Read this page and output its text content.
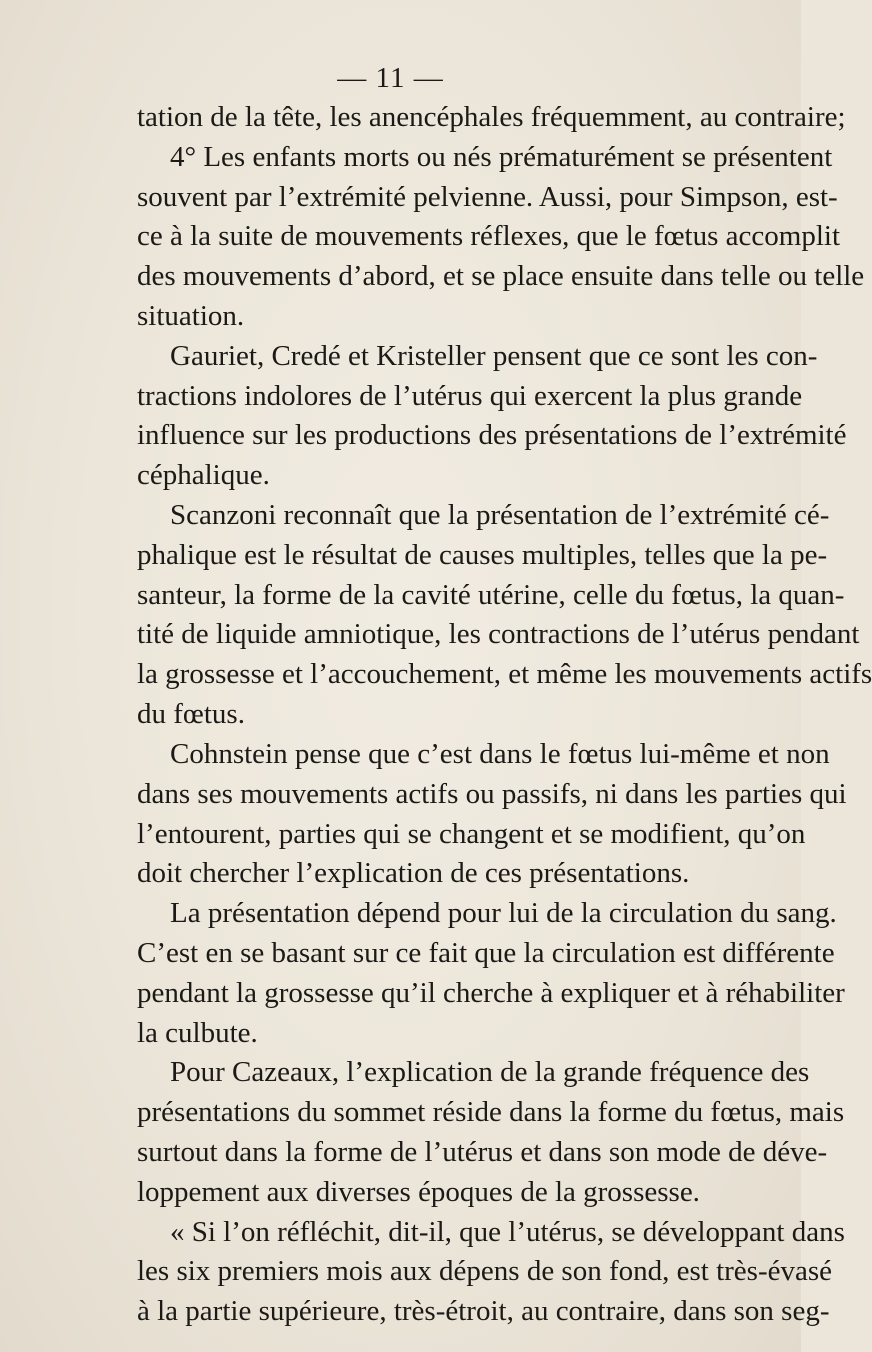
— 11 —
tation de la tête, les anencéphales fréquemment, au contraire;
4° Les enfants morts ou nés prématurément se présentent
souvent par l’extrémité pelvienne. Aussi, pour Simpson, est-
ce à la suite de mouvements réflexes, que le fœtus accomplit
des mouvements d’abord, et se place ensuite dans telle ou telle
situation.
Gauriet, Credé et Kristeller pensent que ce sont les con-
tractions indolores de l’utérus qui exercent la plus grande
influence sur les productions des présentations de l’extrémité
céphalique.
Scanzoni reconnaît que la présentation de l’extrémité cé-
phalique est le résultat de causes multiples, telles que la pe-
santeur, la forme de la cavité utérine, celle du fœtus, la quan-
tité de liquide amniotique, les contractions de l’utérus pendant
la grossesse et l’accouchement, et même les mouvements actifs
du fœtus.
Cohnstein pense que c’est dans le fœtus lui-même et non
dans ses mouvements actifs ou passifs, ni dans les parties qui
l’entourent, parties qui se changent et se modifient, qu’on
doit chercher l’explication de ces présentations.
La présentation dépend pour lui de la circulation du sang.
C’est en se basant sur ce fait que la circulation est différente
pendant la grossesse qu’il cherche à expliquer et à réhabiliter
la culbute.
Pour Cazeaux, l’explication de la grande fréquence des
présentations du sommet réside dans la forme du fœtus, mais
surtout dans la forme de l’utérus et dans son mode de déve-
loppement aux diverses époques de la grossesse.
« Si l’on réfléchit, dit-il, que l’utérus, se développant dans
les six premiers mois aux dépens de son fond, est très-évasé
à la partie supérieure, très-étroit, au contraire, dans son seg-
